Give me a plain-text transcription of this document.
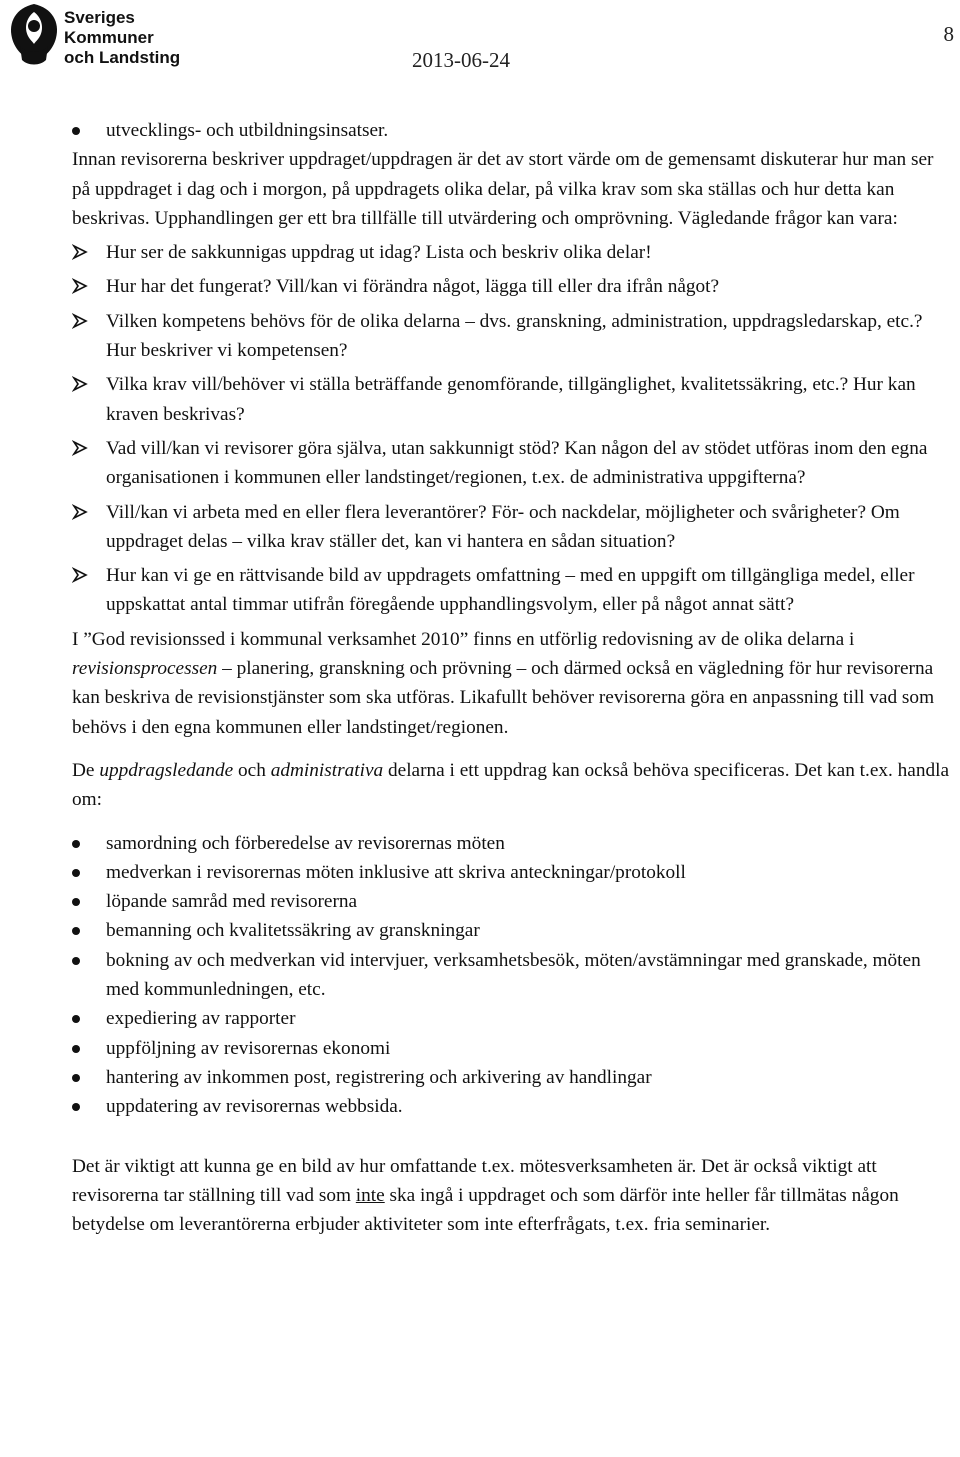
Sveriges
Kommuner
och Landsting	2013-06-24
8
utvecklings- och utbildningsinsatser.

Innan revisorerna beskriver uppdraget/uppdragen är det av stort värde om de gemensamt diskuterar hur man ser på uppdraget i dag och i morgon, på uppdragets olika delar, på vilka krav som ska ställas och hur detta kan beskrivas. Upphandlingen ger ett bra tillfälle till utvärdering och omprövning. Vägledande frågor kan vara:

Hur ser de sakkunnigas uppdrag ut idag? Lista och beskriv olika delar!
Hur har det fungerat? Vill/kan vi förändra något, lägga till eller dra ifrån något?
Vilken kompetens behövs för de olika delarna – dvs. granskning, administration, uppdragsledarskap, etc.? Hur beskriver vi kompetensen?
Vilka krav vill/behöver vi ställa beträffande genomförande, tillgänglighet, kvalitetssäkring, etc.? Hur kan kraven beskrivas?
Vad vill/kan vi revisorer göra själva, utan sakkunnigt stöd? Kan någon del av stödet utföras inom den egna organisationen i kommunen eller landstinget/regionen, t.ex. de administrativa uppgifterna?
Vill/kan vi arbeta med en eller flera leverantörer? För- och nackdelar, möjligheter och svårigheter? Om uppdraget delas – vilka krav ställer det, kan vi hantera en sådan situation?
Hur kan vi ge en rättvisande bild av uppdragets omfattning – med en uppgift om tillgängliga medel, eller uppskattat antal timmar utifrån föregående upphandlingsvolym, eller på något annat sätt?

I ”God revisionssed i kommunal verksamhet 2010” finns en utförlig redovisning av de olika delarna i revisionsprocessen – planering, granskning och prövning – och därmed också en vägledning för hur revisorerna kan beskriva de revisionstjänster som ska utföras. Likafullt behöver revisorerna göra en anpassning till vad som behövs i den egna kommunen eller landstinget/regionen.

De uppdragsledande och administrativa delarna i ett uppdrag kan också behöva specificeras. Det kan t.ex. handla om:

samordning och förberedelse av revisorernas möten
medverkan i revisorernas möten inklusive att skriva anteckningar/protokoll
löpande samråd med revisorerna
bemanning och kvalitetssäkring av granskningar
bokning av och medverkan vid intervjuer, verksamhetsbesök, möten/avstämningar med granskade, möten med kommunledningen, etc.
expediering av rapporter
uppföljning av revisorernas ekonomi
hantering av inkommen post, registrering och arkivering av handlingar
uppdatering av revisorernas webbsida.

Det är viktigt att kunna ge en bild av hur omfattande t.ex. mötesverksamheten är. Det är också viktigt att revisorerna tar ställning till vad som inte ska ingå i uppdraget och som därför inte heller får tillmätas någon betydelse om leverantörerna erbjuder aktiviteter som inte efterfrågats, t.ex. fria seminarier.
